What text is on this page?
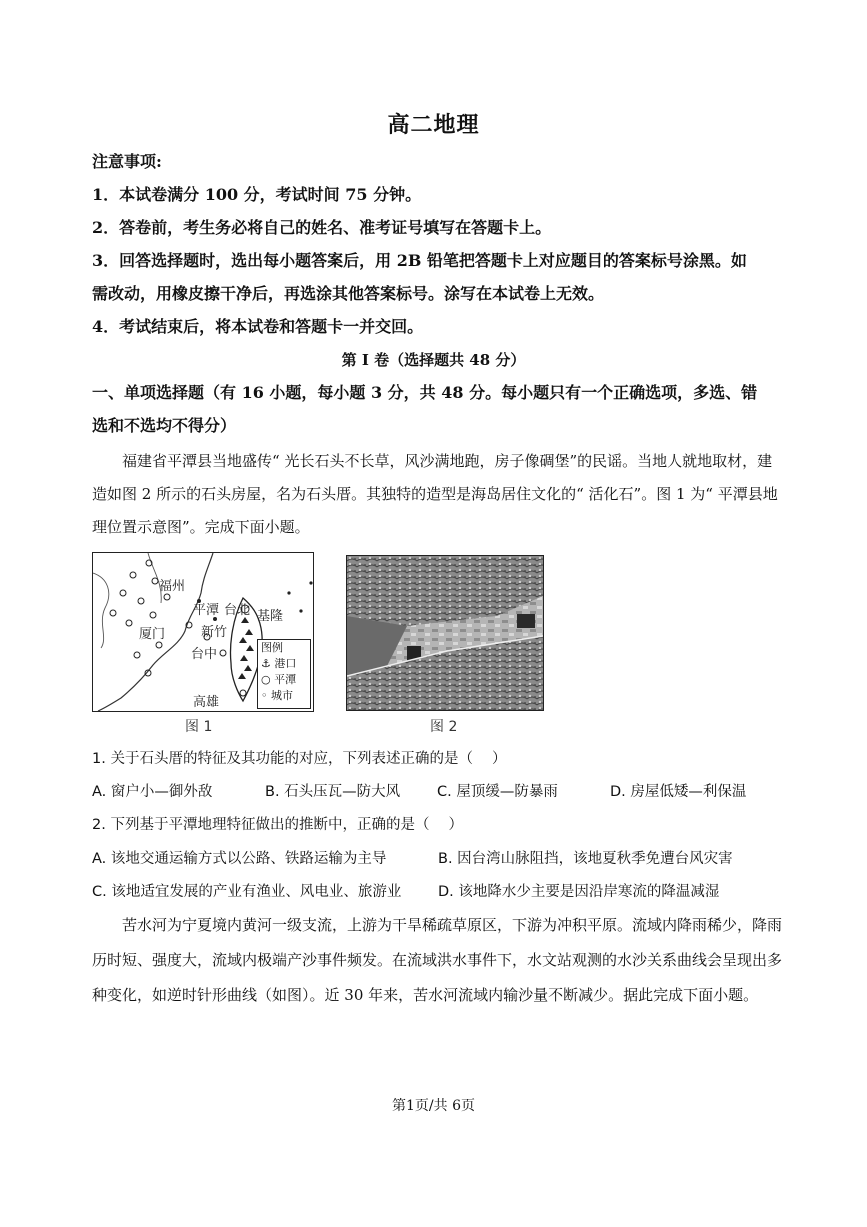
高二地理
注意事项:
1．本试卷满分 100 分，考试时间 75 分钟。
2．答卷前，考生务必将自己的姓名、准考证号填写在答题卡上。
3．回答选择题时，选出每小题答案后，用 2B 铅笔把答题卡上对应题目的答案标号涂黑。如
需改动，用橡皮擦干净后，再选涂其他答案标号。涂写在本试卷上无效。
4．考试结束后，将本试卷和答题卡一并交回。
第 I 卷（选择题共 48 分）
一、单项选择题（有 16 小题，每小题 3 分，共 48 分。每小题只有一个正确选项，多选、错
选和不选均不得分）
福建省平潭县当地盛传“ 光长石头不长草，风沙满地跑，房子像碉堡”的民谣。当地人就地取材，建
造如图 2 所示的石头房屋，名为石头厝。其独特的造型是海岛居住文化的“ 活化石”。图 1 为“ 平潭县地
理位置示意图”。完成下面小题。
福州
平潭 台北 基隆
厦门	新竹
台中
高雄
图例
⚓ 港口
○ 平潭
◦ 城市
图 1	图 2
1. 关于石头厝的特征及其功能的对应，下列表述正确的是（　 ）
A. 窗户小—御外敌	B. 石头压瓦—防大风	C. 屋顶缓—防暴雨	D. 房屋低矮—利保温
2. 下列基于平潭地理特征做出的推断中，正确的是（　 ）
A. 该地交通运输方式以公路、铁路运输为主导	B. 因台湾山脉阻挡，该地夏秋季免遭台风灾害
C. 该地适宜发展的产业有渔业、风电业、旅游业	D. 该地降水少主要是因沿岸寒流的降温减湿
苦水河为宁夏境内黄河一级支流，上游为干旱稀疏草原区，下游为冲积平原。流域内降雨稀少，降雨
历时短、强度大，流域内极端产沙事件频发。在流域洪水事件下，水文站观测的水沙关系曲线会呈现出多
种变化，如逆时针形曲线（如图）。近 30 年来，苦水河流域内输沙量不断减少。据此完成下面小题。
第1页/共 6页
